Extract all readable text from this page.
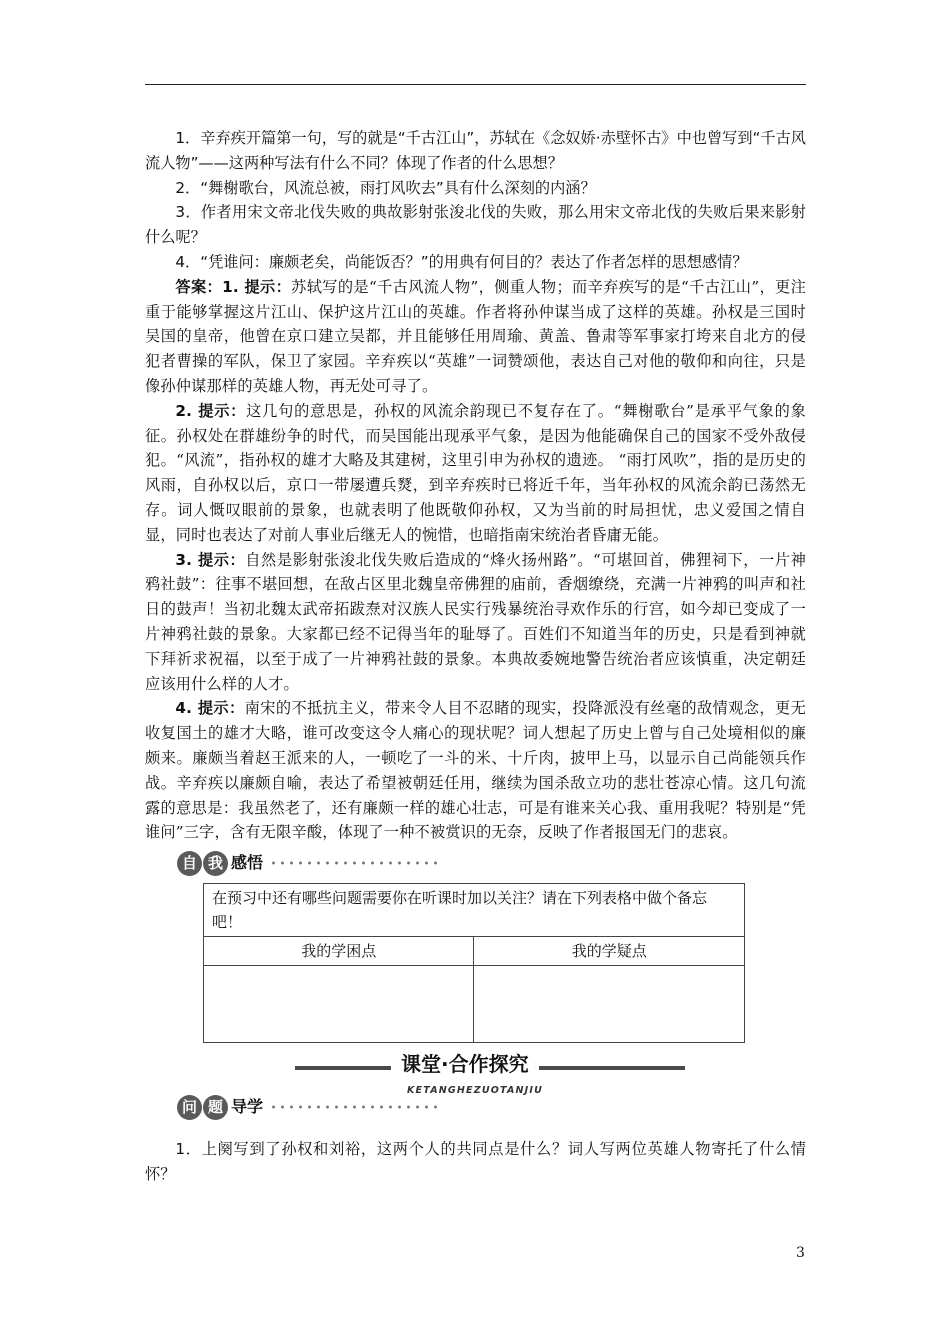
1．辛弃疾开篇第一句，写的就是“千古江山”，苏轼在《念奴娇·赤壁怀古》中也曾写到“千古风流人物”——这两种写法有什么不同？体现了作者的什么思想？

2．“舞榭歌台，风流总被，雨打风吹去”具有什么深刻的内涵？

3．作者用宋文帝北伐失败的典故影射张浚北伐的失败，那么用宋文帝北伐的失败后果来影射什么呢？

4．“凭谁问：廉颇老矣，尚能饭否？”的用典有何目的？表达了作者怎样的思想感情？

答案：1. 提示：苏轼写的是“千古风流人物”，侧重人物；而辛弃疾写的是“千古江山”，更注重于能够掌握这片江山、保护这片江山的英雄。作者将孙仲谋当成了这样的英雄。孙权是三国时吴国的皇帝，他曾在京口建立吴都，并且能够任用周瑜、黄盖、鲁肃等军事家打垮来自北方的侵犯者曹操的军队，保卫了家园。辛弃疾以“英雄”一词赞颂他，表达自己对他的敬仰和向往，只是像孙仲谋那样的英雄人物，再无处可寻了。

2. 提示：这几句的意思是，孙权的风流余韵现已不复存在了。“舞榭歌台”是承平气象的象征。孙权处在群雄纷争的时代，而吴国能出现承平气象，是因为他能确保自己的国家不受外敌侵犯。“风流”，指孙权的雄才大略及其建树，这里引申为孙权的遗迹。 “雨打风吹”，指的是历史的风雨，自孙权以后，京口一带屡遭兵燹，到辛弃疾时已将近千年，当年孙权的风流余韵已荡然无存。词人慨叹眼前的景象，也就表明了他既敬仰孙权，又为当前的时局担忧，忠义爱国之情自显，同时也表达了对前人事业后继无人的惋惜，也暗指南宋统治者昏庸无能。

3. 提示：自然是影射张浚北伐失败后造成的“烽火扬州路”。“可堪回首，佛狸祠下，一片神鸦社鼓”：往事不堪回想，在敌占区里北魏皇帝佛狸的庙前，香烟缭绕，充满一片神鸦的叫声和社日的鼓声！当初北魏太武帝拓跋焘对汉族人民实行残暴统治寻欢作乐的行宫，如今却已变成了一片神鸦社鼓的景象。大家都已经不记得当年的耻辱了。百姓们不知道当年的历史，只是看到神就下拜祈求祝福，以至于成了一片神鸦社鼓的景象。本典故委婉地警告统治者应该慎重，决定朝廷应该用什么样的人才。

4. 提示：南宋的不抵抗主义，带来令人目不忍睹的现实，投降派没有丝毫的敌情观念，更无收复国土的雄才大略，谁可改变这令人痛心的现状呢？词人想起了历史上曾与自己处境相似的廉颇来。廉颇当着赵王派来的人，一顿吃了一斗的米、十斤肉，披甲上马，以显示自己尚能领兵作战。辛弃疾以廉颇自喻，表达了希望被朝廷任用，继续为国杀敌立功的悲壮苍凉心情。这几句流露的意思是：我虽然老了，还有廉颇一样的雄心壮志，可是有谁来关心我、重用我呢？特别是“凭谁问”三字，含有无限辛酸，体现了一种不被赏识的无奈，反映了作者报国无门的悲哀。

自 我 感悟
在预习中还有哪些问题需要你在听课时加以关注？请在下列表格中做个备忘吧！	
我的学困点	我的学疑点

课堂·合作探究
KETANGHEZUOTANJIU
问 题 导学

1．上阕写到了孙权和刘裕，这两个人的共同点是什么？词人写两位英雄人物寄托了什么情怀？

3
